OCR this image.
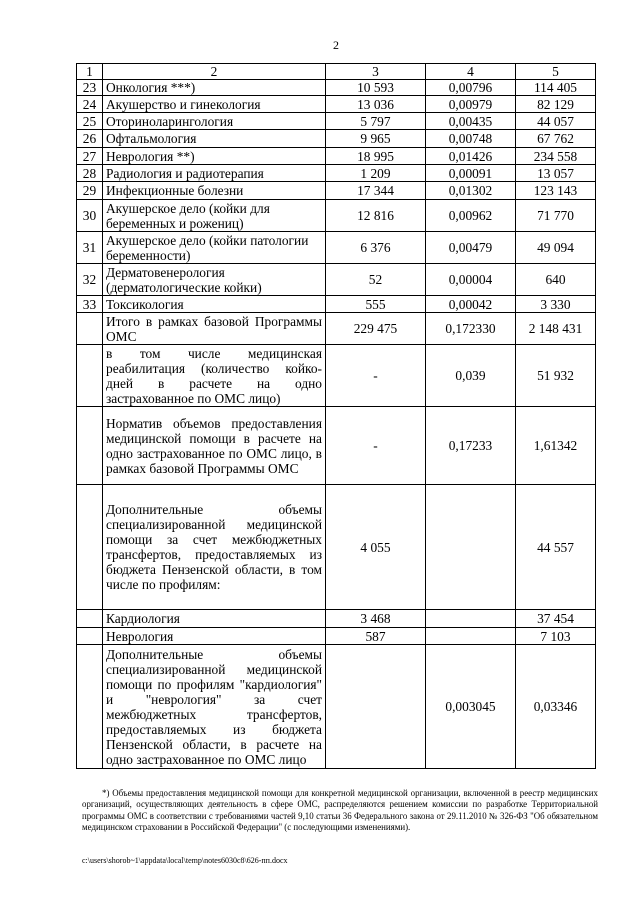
2
1	2	3	4	5
23	Онкология ***)	10 593	0,00796	114 405
24	Акушерство и гинекология	13 036	0,00979	82 129
25	Оториноларингология	5 797	0,00435	44 057
26	Офтальмология	9 965	0,00748	67 762
27	Неврология **)	18 995	0,01426	234 558
28	Радиология и радиотерапия	1 209	0,00091	13 057
29	Инфекционные болезни	17 344	0,01302	123 143
30	Акушерское дело (койки для беременных и рожениц)	12 816	0,00962	71 770
31	Акушерское дело (койки патологии беременности)	6 376	0,00479	49 094
32	Дерматовенерология (дерматологические койки)	52	0,00004	640
33	Токсикология	555	0,00042	3 330
	Итого в рамках базовой Программы ОМС	229 475	0,172330	2 148 431
	в том числе медицинская реабилитация (количество койко-дней в расчете на одно застрахованное по ОМС лицо)	-	0,039	51 932
	Норматив объемов предоставления медицинской помощи в расчете на одно застрахованное по ОМС лицо, в рамках базовой Программы ОМС	-	0,17233	1,61342
	Дополнительные объемы специализированной медицинской помощи за счет межбюджетных трансфертов, предоставляемых из бюджета Пензенской области, в том числе по профилям:	4 055		44 557
	Кардиология	3 468		37 454
	Неврология	587		7 103
	Дополнительные объемы специализированной медицинской помощи по профилям "кардиология" и "неврология" за счет межбюджетных трансфертов, предоставляемых из бюджета Пензенской области, в расчете на одно застрахованное по ОМС лицо		0,003045	0,03346
*) Объемы предоставления медицинской помощи для конкретной медицинской организации, включенной в реестр медицинских организаций, осуществляющих деятельность в сфере ОМС, распределяются решением комиссии по разработке Территориальной программы ОМС в соответствии с требованиями частей 9,10 статьи 36 Федерального закона от 29.11.2010 № 326-ФЗ "Об обязательном медицинском страховании в Российской Федерации" (с последующими изменениями).
c:\users\shorob~1\appdata\local\temp\notes6030c8\626-пп.docx
